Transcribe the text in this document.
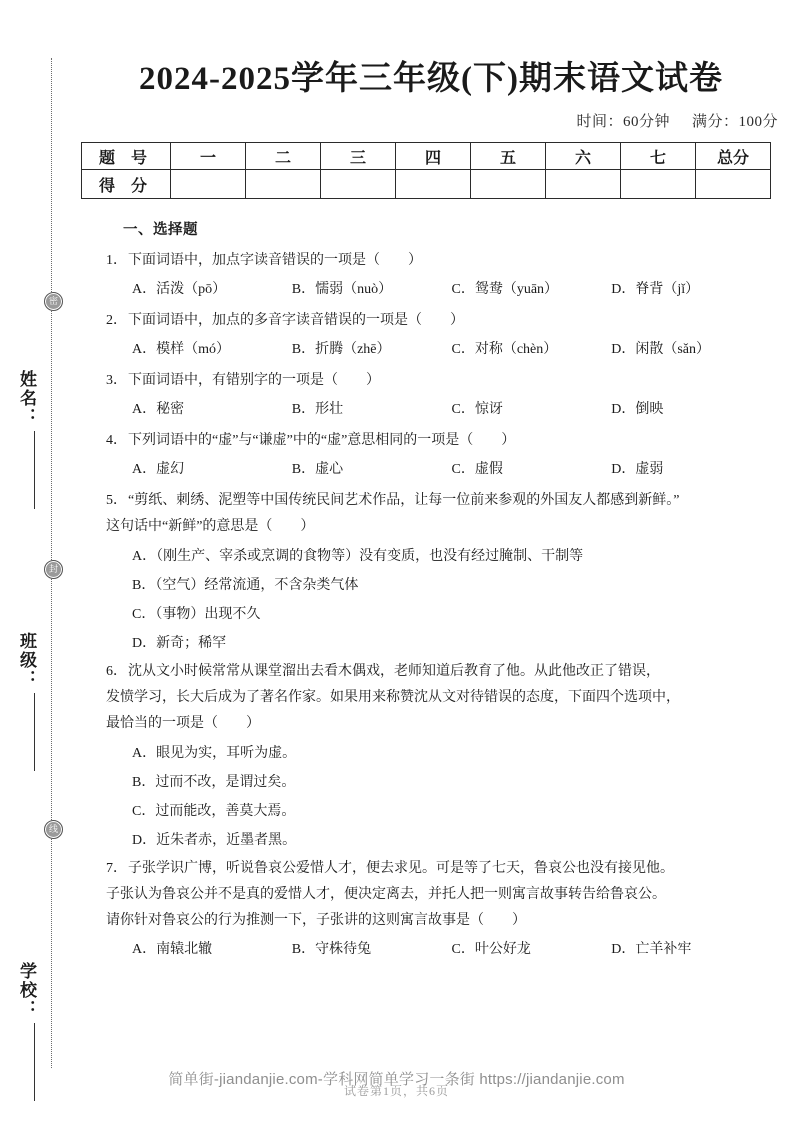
密
封
线
姓名：
班级：
学校：
2024-2025学年三年级(下)期末语文试卷
时间：60分钟 满分：100分
题 号	一	二	三	四	五	六	七	总分
得 分								
一、选择题
1．下面词语中，加点字读音错误的一项是（　　）
A．活泼（pō）	B．懦弱（nuò）	C．鸳鸯（yuān）	D．脊背（jǐ）
2．下面词语中，加点的多音字读音错误的一项是（　　）
A．模样（mó）	B．折腾（zhē）	C．对称（chèn）	D．闲散（sǎn）
3．下面词语中，有错别字的一项是（　　）
A．秘密	B．形壮	C．惊讶	D．倒映
4．下列词语中的“虚”与“谦虚”中的“虚”意思相同的一项是（　　）
A．虚幻	B．虚心	C．虚假	D．虚弱
5．“剪纸、刺绣、泥塑等中国传统民间艺术作品，让每一位前来参观的外国友人都感到新鲜。”
这句话中“新鲜”的意思是（　　）
A．（刚生产、宰杀或烹调的食物等）没有变质，也没有经过腌制、干制等
B．（空气）经常流通，不含杂类气体
C．（事物）出现不久
D．新奇；稀罕
6．沈从文小时候常常从课堂溜出去看木偶戏，老师知道后教育了他。从此他改正了错误，
发愤学习，长大后成为了著名作家。如果用来称赞沈从文对待错误的态度，下面四个选项中，
最恰当的一项是（　　）
A．眼见为实，耳听为虚。
B．过而不改，是谓过矣。
C．过而能改，善莫大焉。
D．近朱者赤，近墨者黑。
7．子张学识广博，听说鲁哀公爱惜人才，便去求见。可是等了七天，鲁哀公也没有接见他。
子张认为鲁哀公并不是真的爱惜人才，便决定离去，并托人把一则寓言故事转告给鲁哀公。
请你针对鲁哀公的行为推测一下，子张讲的这则寓言故事是（　　）
A．南辕北辙	B．守株待兔	C．叶公好龙	D．亡羊补牢
简单街-jiandanjie.com-学科网简单学习一条街 https://jiandanjie.com
试卷第1页，共6页
